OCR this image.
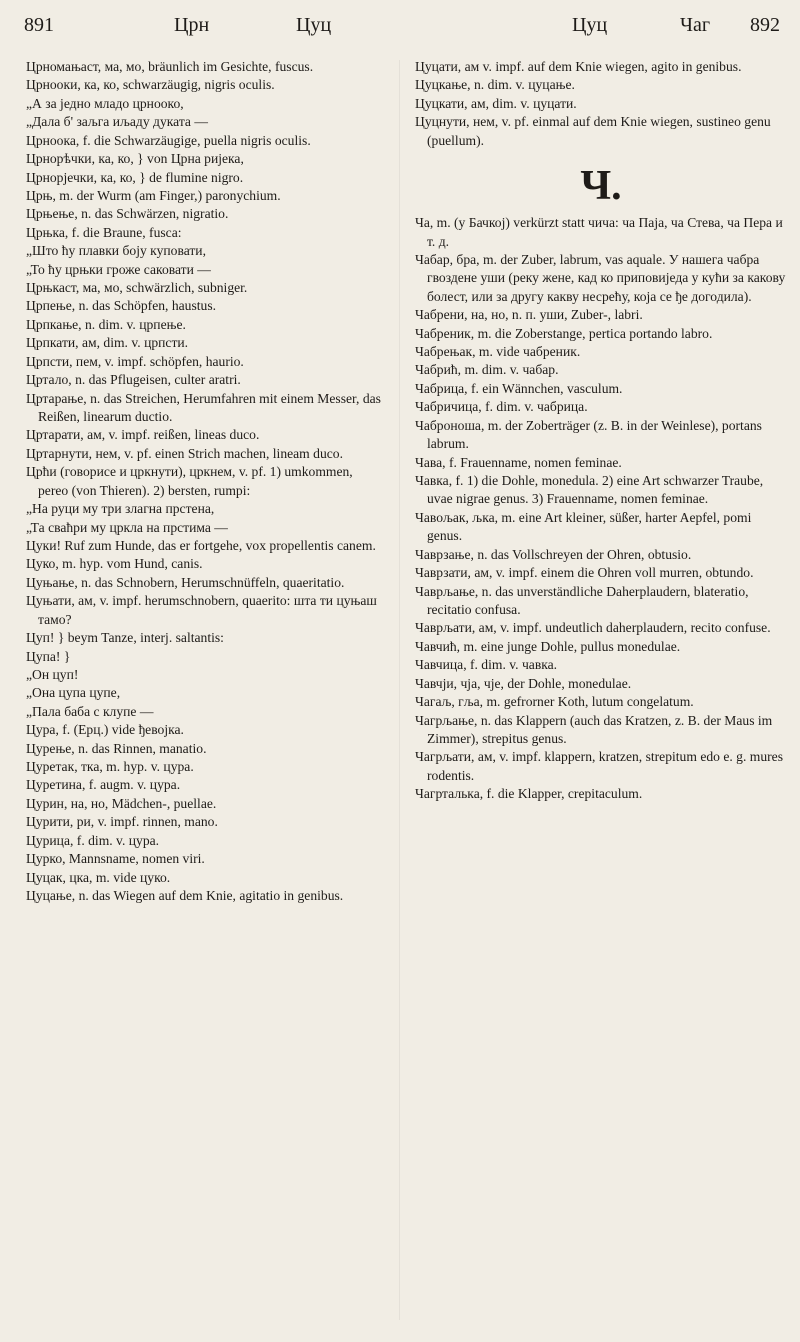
891	Црн	Цуц	Цуц	Чаг 892

Црномањаст, ма, мо, bräunlich im Gesichte, fuscus.

Црнооки, ка, ко, schwarzäugig, nigris oculis.

„А за једно младо црнооко,

„Дала б' заљга иљаду дуката —

Црноока, f. die Schwarzäugige, puella nigris oculis.

Црнорѣчки, ка, ко, } von Црна ријека,

Црнорјечки, ка, ко, } de flumine nigro.

Црњ, m. der Wurm (am Finger,) paronychium.

Црњење, n. das Schwärzen, nigratio.

Црњка, f. die Braune, fusca:

„Што ћу плавки бојy куповати,

„То ћу црњки гроже саковати —

Црњкаст, ма, мо, schwärzlich, subniger.

Црпење, n. das Schöpfen, haustus.

Црпкање, n. dim. v. црпење.

Црпкати, ам, dim. v. црпсти.

Црпсти, пем, v. impf. schöpfen, haurio.

Цртало, n. das Pflugeisen, culter aratri.

Цртарање, n. das Streichen, Herumfahren mit einem Messer, das Reißen, linearum ductio.

Цртарати, ам, v. impf. reißen, lineas duco.

Цртарнути, нем, v. pf. einen Strich machen, lineam duco.

Црћи (говорисе и цркнути), цркнем, v. pf. 1) umkommen, pereo (von Thieren). 2) bersten, rumpi:

„На руци му три злагна прстена,

„Та сваћри му цркла на прстима —

Цуки! Ruf zum Hunde, das er fortgehe, vox propellentis canem.

Цуко, m. hyp. vom Hund, canis.

Цуњање, n. das Schnobern, Herumschnüffeln, quaeritatio.

Цуњати, ам, v. impf. herumschnobern, quaerito: шта ти цуњаш тамо?

Цуп! } beym Tanze, interj. saltantis:

Цупа! }

„Он цуп!

„Она цупа цупе,

„Пала баба с клупе —

Цура, f. (Ерц.) vide ђевојка.

Цурење, n. das Rinnen, manatio.

Цуретак, тка, m. hyp. v. цура.

Цуретина, f. augm. v. цура.

Цурин, на, но, Mädchen-, puellae.

Цурити, ри, v. impf. rinnen, mano.

Цурица, f. dim. v. цура.

Цурко, Mannsname, nomen viri.

Цуцак, цка, m. vide цуко.

Цуцање, n. das Wiegen auf dem Knie, agitatio in genibus.

Цуцати, ам v. impf. auf dem Knie wiegen, agito in genibus.

Цуцкање, n. dim. v. цуцање.

Цуцкати, ам, dim. v. цуцати.

Цуцнути, нем, v. pf. einmal auf dem Knie wiegen, sustineo genu (puellum).

Ч.

Ча, m. (у Бачкој) verkürzt statt чича: ча Паја, ча Стева, ча Пера и т. д.

Чабар, бра, m. der Zuber, labrum, vas aquale. У нашега чабра гвоздене уши (реку жене, кад ко приповиједа у кући за какову болест, или за другу какву несрећу, која се ђе догодила).

Чабрени, на, но, n. п. уши, Zuber-, labri.

Чабреник, m. die Zoberstange, pertica portando labro.

Чабрењак, m. vide чабреник.

Чабрић, m. dim. v. чабар.

Чабрица, f. ein Wännchen, vasculum.

Чабричица, f. dim. v. чабрица.

Чаброноша, m. der Zoberträger (z. B. in der Weinlese), portans labrum.

Чава, f. Frauenname, nomen feminae.

Чавка, f. 1) die Dohle, monedula. 2) eine Art schwarzer Traube, uvae nigrae genus. 3) Frauenname, nomen feminae.

Чавољак, љка, m. eine Art kleiner, süßer, harter Aepfel, pomi genus.

Чаврзање, n. das Vollschreyen der Ohren, obtusio.

Чаврзати, ам, v. impf. einem die Ohren voll murren, obtundo.

Чаврљање, n. das unverständliche Daherplaudern, blateratio, recitatio confusa.

Чаврљати, ам, v. impf. undeutlich daherplaudern, recito confuse.

Чавчић, m. eine junge Dohle, pullus monedulae.

Чавчица, f. dim. v. чавка.

Чавчји, чја, чје, der Dohle, monedulae.

Чагаљ, гља, m. gefrorner Koth, lutum congelatum.

Чагрљање, n. das Klappern (auch das Kratzen, z. B. der Maus im Zimmer), strepitus genus.

Чагрљати, ам, v. impf. klappern, kratzen, strepitum edo e. g. mures rodentis.

Чагрталька, f. die Klapper, crepitaculum.
